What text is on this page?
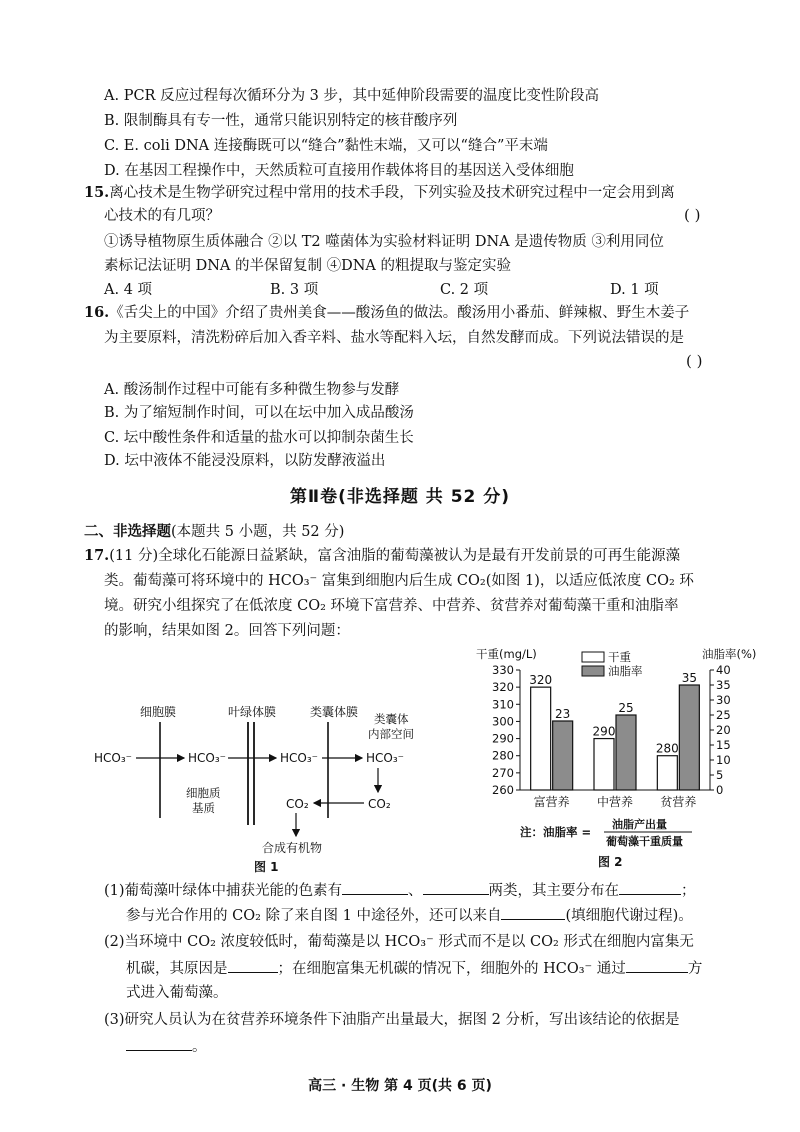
A. PCR 反应过程每次循环分为 3 步，其中延伸阶段需要的温度比变性阶段高
B. 限制酶具有专一性，通常只能识别特定的核苷酸序列
C. E. coli DNA 连接酶既可以“缝合”黏性末端，又可以“缝合”平末端
D. 在基因工程操作中，天然质粒可直接用作载体将目的基因送入受体细胞
15.离心技术是生物学研究过程中常用的技术手段，下列实验及技术研究过程中一定会用到离
心技术的有几项？	( )
①诱导植物原生质体融合 ②以 T2 噬菌体为实验材料证明 DNA 是遗传物质 ③利用同位
素标记法证明 DNA 的半保留复制 ④DNA 的粗提取与鉴定实验
A. 4 项	B. 3 项	C. 2 项	D. 1 项
16.《舌尖上的中国》介绍了贵州美食——酸汤鱼的做法。酸汤用小番茄、鲜辣椒、野生木姜子
为主要原料，清洗粉碎后加入香辛料、盐水等配料入坛，自然发酵而成。下列说法错误的是
( )
A. 酸汤制作过程中可能有多种微生物参与发酵
B. 为了缩短制作时间，可以在坛中加入成品酸汤
C. 坛中酸性条件和适量的盐水可以抑制杂菌生长
D. 坛中液体不能浸没原料，以防发酵液溢出
第Ⅱ卷(非选择题 共 52 分)
二、非选择题(本题共 5 小题，共 52 分)
17.(11 分)全球化石能源日益紧缺，富含油脂的葡萄藻被认为是最有开发前景的可再生能源藻
类。葡萄藻可将环境中的 HCO₃⁻ 富集到细胞内后生成 CO₂(如图 1)，以适应低浓度 CO₂ 环
境。研究小组探究了在低浓度 CO₂ 环境下富营养、中营养、贫营养对葡萄藻干重和油脂率
的影响，结果如图 2。回答下列问题：
细胞膜	叶绿体膜	类囊体膜 类囊体
内部空间
HCO₃⁻	HCO₃⁻	HCO₃⁻	HCO₃⁻
CO₂
CO₂
合成有机物
细胞质
基质
图 1
干重(mg/L)	油脂率(%)
260
270
280
290
300
310
320
330
0
5
10
15
20
25
30
35
40
320
23
富营养
290
25
中营养
280
35
贫营养
干重
油脂率
注：油脂率 =
油脂产出量
葡萄藻干重质量
图 2
(1)葡萄藻叶绿体中捕获光能的色素有	、	两类，其主要分布在	；
参与光合作用的 CO₂ 除了来自图 1 中途径外，还可以来自	(填细胞代谢过程)。
(2)当环境中 CO₂ 浓度较低时，葡萄藻是以 HCO₃⁻ 形式而不是以 CO₂ 形式在细胞内富集无
机碳，其原因是	；在细胞富集无机碳的情况下，细胞外的 HCO₃⁻ 通过	方
式进入葡萄藻。
(3)研究人员认为在贫营养环境条件下油脂产出量最大，据图 2 分析，写出该结论的依据是
。
高三 · 生物 第 4 页(共 6 页)
